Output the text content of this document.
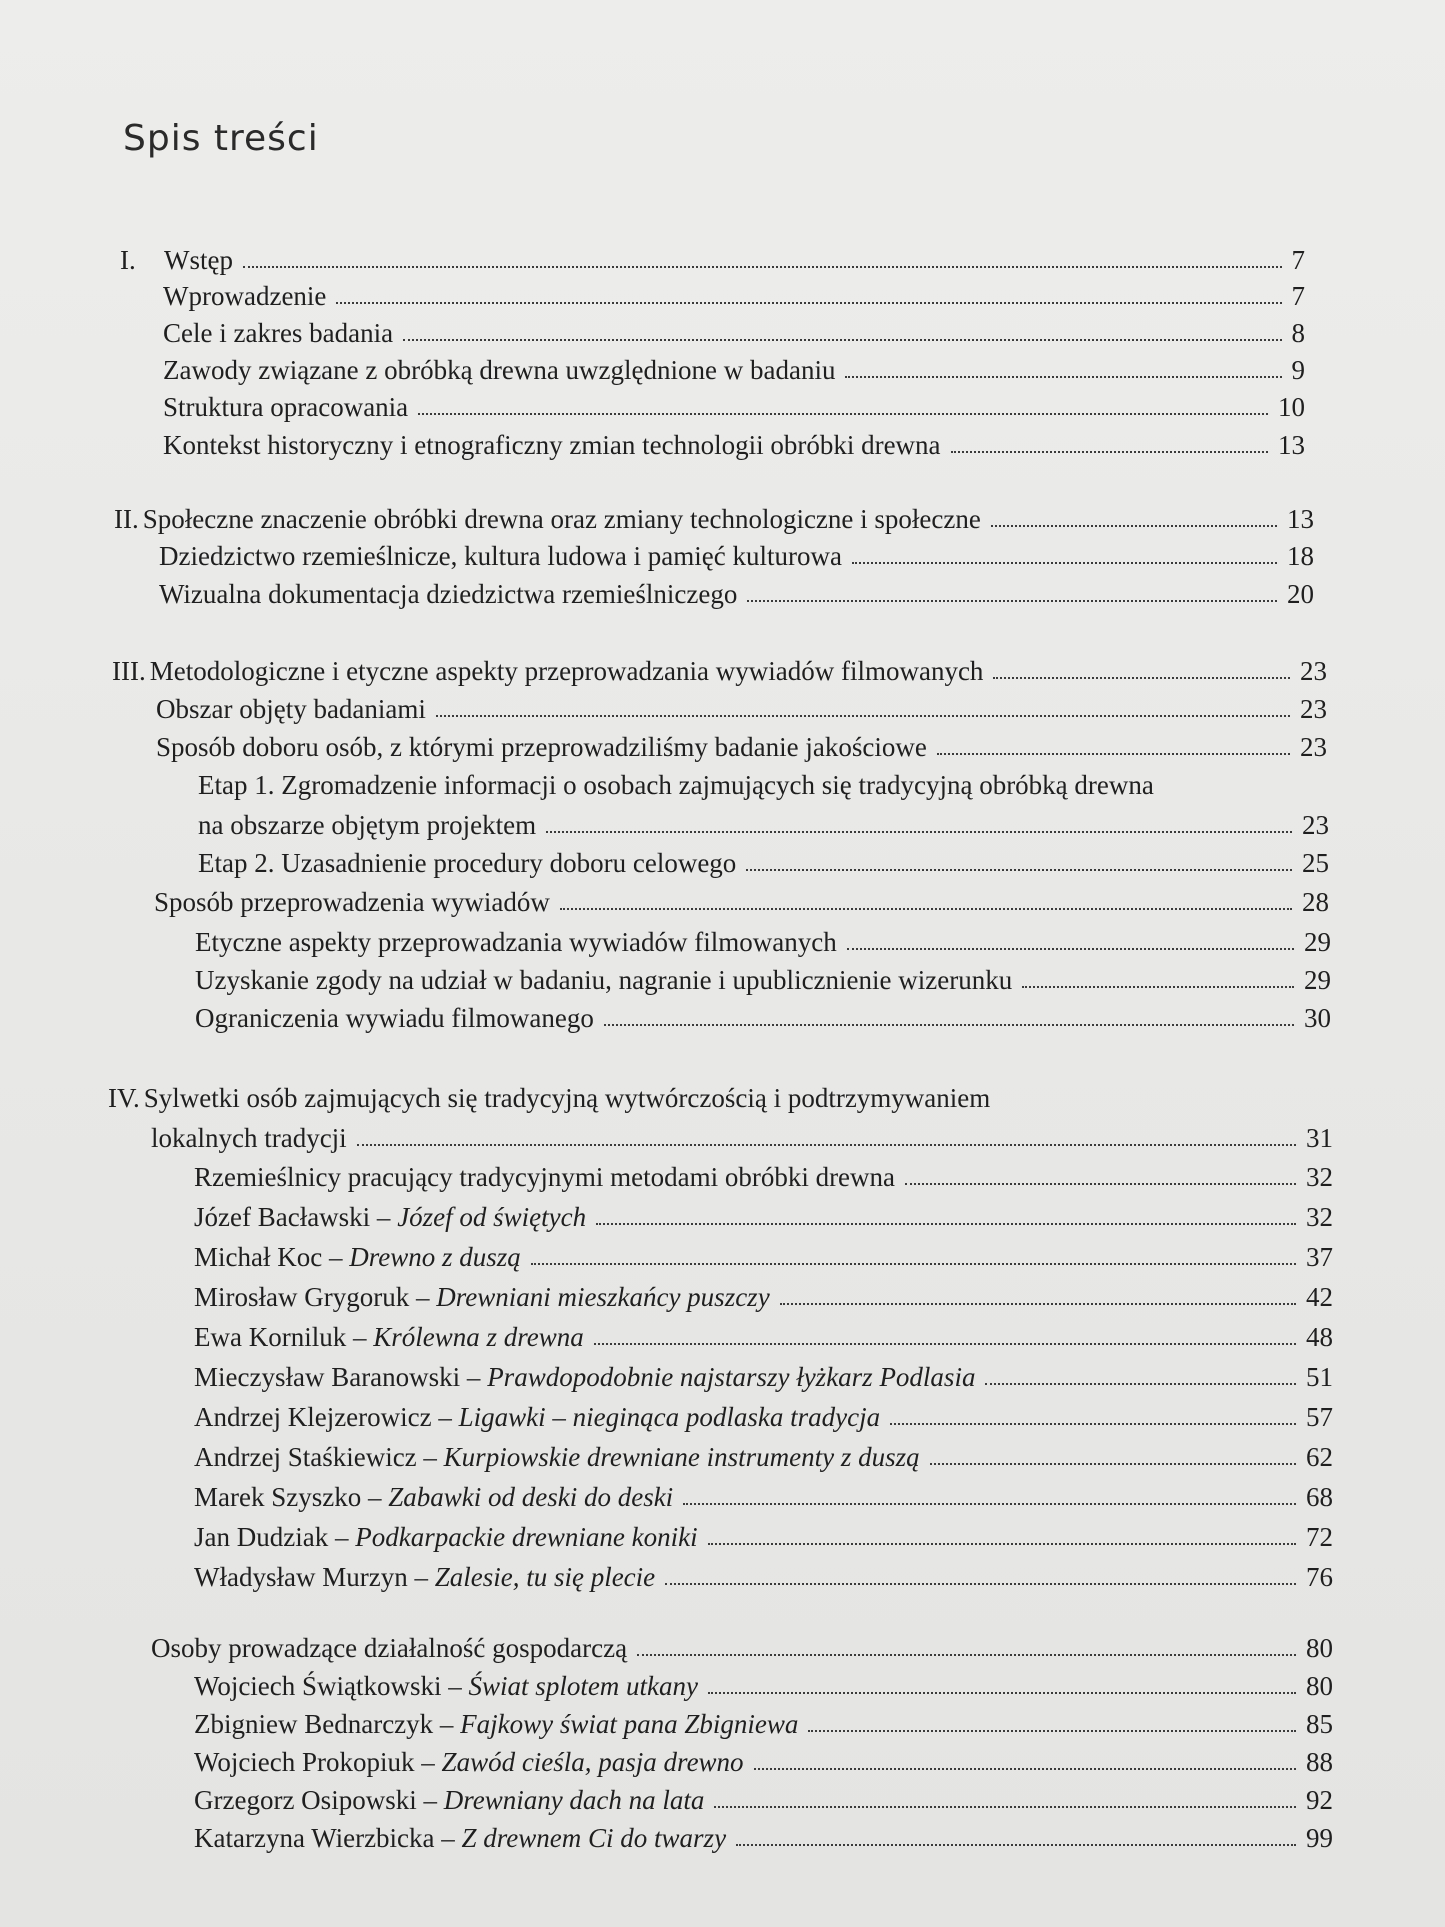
Spis treści
I. Wstęp	7
Wprowadzenie	7
Cele i zakres badania	8
Zawody związane z obróbką drewna uwzględnione w badaniu	9
Struktura opracowania	10
Kontekst historyczny i etnograficzny zmian technologii obróbki drewna	13
II. Społeczne znaczenie obróbki drewna oraz zmiany technologiczne i społeczne	13
Dziedzictwo rzemieślnicze, kultura ludowa i pamięć kulturowa	18
Wizualna dokumentacja dziedzictwa rzemieślniczego	20
III. Metodologiczne i etyczne aspekty przeprowadzania wywiadów filmowanych	23
Obszar objęty badaniami	23
Sposób doboru osób, z którymi przeprowadziliśmy badanie jakościowe	23
Etap 1. Zgromadzenie informacji o osobach zajmujących się tradycyjną obróbką drewna
na obszarze objętym projektem	23
Etap 2. Uzasadnienie procedury doboru celowego	25
Sposób przeprowadzenia wywiadów	28
Etyczne aspekty przeprowadzania wywiadów filmowanych	29
Uzyskanie zgody na udział w badaniu, nagranie i upublicznienie wizerunku	29
Ograniczenia wywiadu filmowanego	30
IV. Sylwetki osób zajmujących się tradycyjną wytwórczością i podtrzymywaniem
lokalnych tradycji	31
Rzemieślnicy pracujący tradycyjnymi metodami obróbki drewna	32
Józef Bacławski – Józef od świętych	32
Michał Koc – Drewno z duszą	37
Mirosław Grygoruk – Drewniani mieszkańcy puszczy	42
Ewa Korniluk – Królewna z drewna	48
Mieczysław Baranowski – Prawdopodobnie najstarszy łyżkarz Podlasia	51
Andrzej Klejzerowicz – Ligawki – nieginąca podlaska tradycja	57
Andrzej Staśkiewicz – Kurpiowskie drewniane instrumenty z duszą	62
Marek Szyszko – Zabawki od deski do deski	68
Jan Dudziak – Podkarpackie drewniane koniki	72
Władysław Murzyn – Zalesie, tu się plecie	76
Osoby prowadzące działalność gospodarczą	80
Wojciech Świątkowski – Świat splotem utkany	80
Zbigniew Bednarczyk – Fajkowy świat pana Zbigniewa	85
Wojciech Prokopiuk – Zawód cieśla, pasja drewno	88
Grzegorz Osipowski – Drewniany dach na lata	92
Katarzyna Wierzbicka – Z drewnem Ci do twarzy	99
